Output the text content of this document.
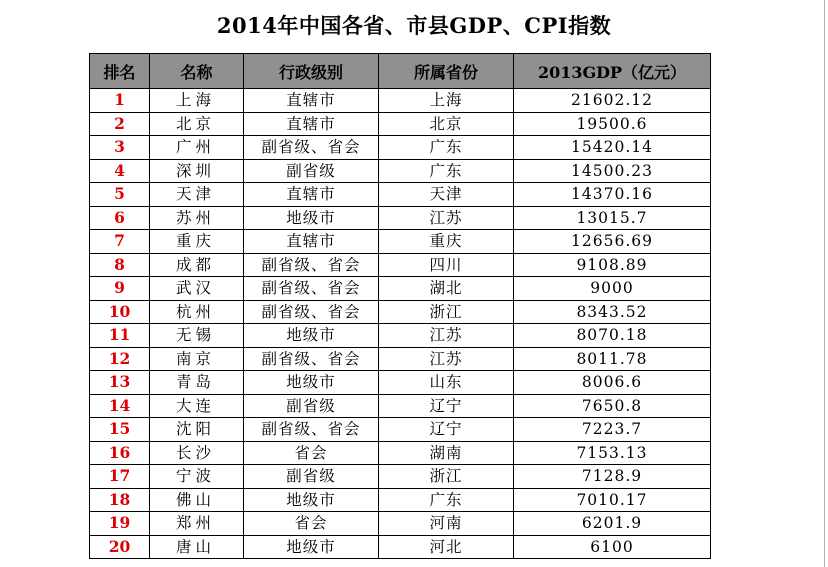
2014年中国各省、市县GDP、CPI指数
排名	名称	行政级别	所属省份	2013GDP（亿元）
1	上海	直辖市	上海	21602.12
2	北京	直辖市	北京	19500.6
3	广州	副省级、省会	广东	15420.14
4	深圳	副省级	广东	14500.23
5	天津	直辖市	天津	14370.16
6	苏州	地级市	江苏	13015.7
7	重庆	直辖市	重庆	12656.69
8	成都	副省级、省会	四川	9108.89
9	武汉	副省级、省会	湖北	9000
10	杭州	副省级、省会	浙江	8343.52
11	无锡	地级市	江苏	8070.18
12	南京	副省级、省会	江苏	8011.78
13	青岛	地级市	山东	8006.6
14	大连	副省级	辽宁	7650.8
15	沈阳	副省级、省会	辽宁	7223.7
16	长沙	省会	湖南	7153.13
17	宁波	副省级	浙江	7128.9
18	佛山	地级市	广东	7010.17
19	郑州	省会	河南	6201.9
20	唐山	地级市	河北	6100
